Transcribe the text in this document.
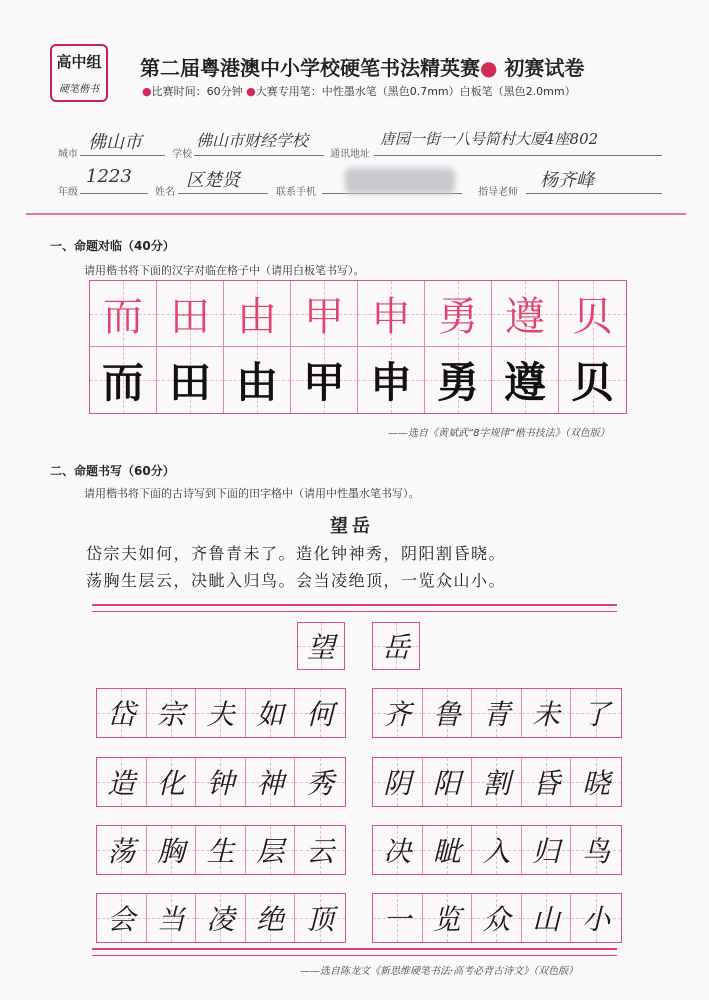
高中组
硬笔楷书
第二届粤港澳中小学校硬笔书法精英赛● 初赛试卷
●比赛时间：60分钟 ●大赛专用笔：中性墨水笔（黑色0.7mm）白板笔（黑色2.0mm）
城市
佛山市
学校
佛山市财经学校
通讯地址
唐园一街一八号简村大厦4座802
年级
1223
姓名
区楚贤
联系手机	指导老师
杨齐峰
一、命题对临（40分）
请用楷书将下面的汉字对临在格子中（请用白板笔书写）。
而 田 由 甲 申 勇 遵 贝
而 田 由 甲 申 勇 遵 贝
——选自《黄斌武“8字规律”楷书技法》（双色版）
二、命题书写（60分）
请用楷书将下面的古诗写到下面的田字格中（请用中性墨水笔书写）。
望岳
岱宗夫如何，齐鲁青未了。造化钟神秀，阴阳割昏晓。
荡胸生层云，决眦入归鸟。会当凌绝顶，一览众山小。
望 岳
岱 宗 夫 如 何 齐 鲁 青 未 了
造 化 钟 神 秀 阴 阳 割 昏 晓
荡 胸 生 层 云 决 眦 入 归 鸟
会 当 凌 绝 顶 一 览 众 山 小
——选自陈龙文《新思维硬笔书法·高考必背古诗文》（双色版）
